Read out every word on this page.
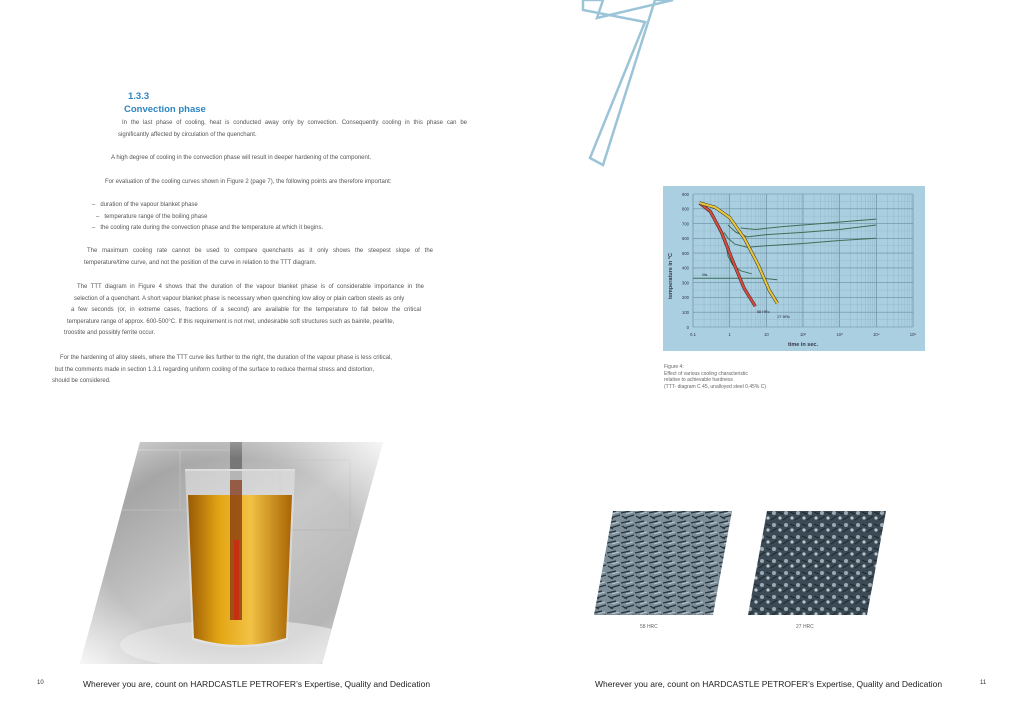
1.3.3
Convection phase
In the last phase of cooling, heat is conducted away only by convection. Consequently cooling in this phase can be
significantly affected by circulation of the quenchant.
A high degree of cooling in the convection phase will result in deeper hardening of the component.
For evaluation of the cooling curves shown in Figure 2 (page 7), the following points are therefore important:
– duration of the vapour blanket phase
– temperature range of the boiling phase
– the cooling rate during the convection phase and the temperature at which it begins.
The maximum cooling rate cannot be used to compare quenchants as it only shows the steepest slope of the
temperature/time curve, and not the position of the curve in relation to the TTT diagram.
The TTT diagram in Figure 4 shows that the duration of the vapour blanket phase is of considerable importance in the
selection of a quenchant. A short vapour blanket phase is necessary when quenching low alloy or plain carbon steels as only
a few seconds (or, in extreme cases, fractions of a second) are available for the temperature to fall below the critical
temperature range of approx. 600-500°C. If this requirement is not met, undesirable soft structures such as bainite, pearlite,
troostite and possibly ferrite occur.
For the hardening of alloy steels, where the TTT curve lies further to the right, the duration of the vapour phase is less critical,
but the comments made in section 1.3.1 regarding uniform cooling of the surface to reduce thermal stress and distortion,
should be considered.
900
800
700
600
500
400
300
200
100
0
0.1	1	10	10²	10³	10⁴	10⁵
Ms
58 HRc
27 HRc
temperature in °C
time in sec.
Figure 4:
Effect of various cooling characteristic
relative to achievable hardness
(TTT- diagram C 45, unalloyed steel 0.45% C)
58 HRC	27 HRC
10	Wherever you are, count on HARDCASTLE PETROFER’s Expertise, Quality and Dedication	Wherever you are, count on HARDCASTLE PETROFER’s Expertise, Quality and Dedication	11
